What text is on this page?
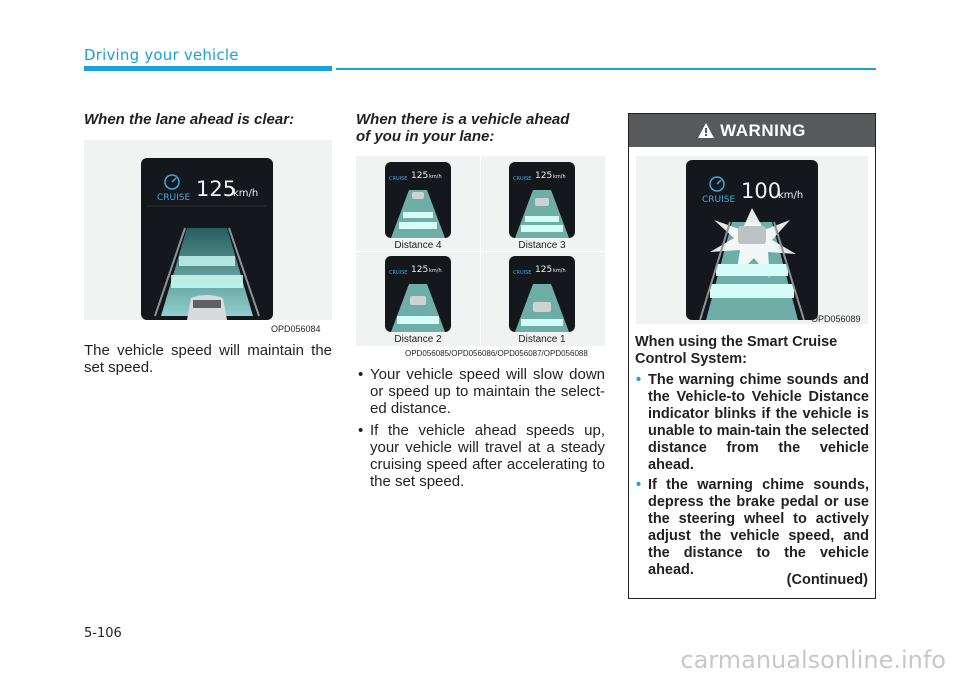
Driving your vehicle
When the lane ahead is clear:
CRUISE 125
km/h
OPD056084
The vehicle speed will maintain the set speed.
When there is a vehicle ahead
of you in your lane:
CRUISE 125 km/h
Distance 4
CRUISE 125 km/h
Distance 3
CRUISE 125 km/h
Distance 2
CRUISE 125 km/h
Distance 1
OPD056085/OPD056086/OPD056087/OPD056088
• Your vehicle speed will slow down or speed up to maintain the select-ed distance.
• If the vehicle ahead speeds up, your vehicle will travel at a steady cruising speed after accelerating to the set speed.
WARNING
CRUISE 100
km/h
OPD056089
When using the Smart Cruise Control System:
• The warning chime sounds and the Vehicle-to Vehicle Distance indicator blinks if the vehicle is unable to main-tain the selected distance from the vehicle ahead.
• If the warning chime sounds, depress the brake pedal or use the steering wheel to actively adjust the vehicle speed, and the distance to the vehicle ahead.
(Continued)
5-106
carmanualsonline.info
